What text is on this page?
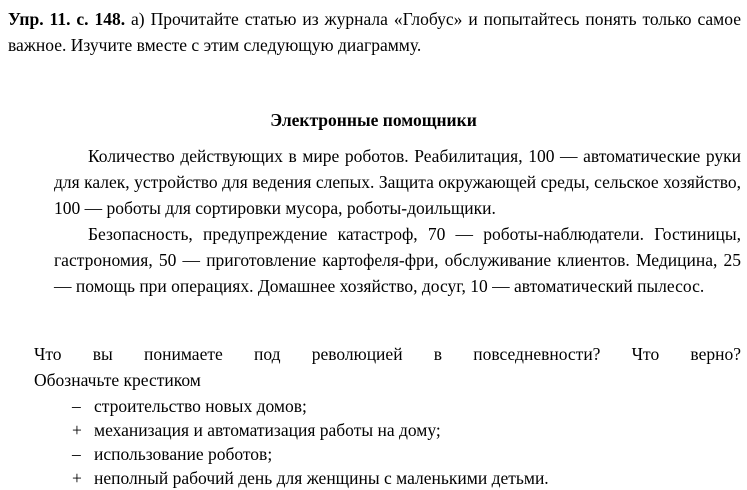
Упр. 11. с. 148. a) Прочитайте статью из журнала «Глобус» и попытайтесь понять только самое важное. Изучите вместе с этим следующую диаграмму.
Электронные помощники

Количество действующих в мире роботов. Реабилитация, 100 — автоматические руки для калек, устройство для ведения слепых. Защита окружающей среды, сельское хозяйство, 100 — роботы для сортировки мусора, роботы-доильщики.

Безопасность, предупреждение катастроф, 70 — роботы-наблюдатели. Гостиницы, гастрономия, 50 — приготовление картофеля-фри, обслуживание клиентов. Медицина, 25 — помощь при операциях. Домашнее хозяйство, досуг, 10 — автоматический пылесос.

Что вы понимаете под революцией в повседневности? Что верно?
Обозначьте крестиком
– строительство новых домов;
+ механизация и автоматизация работы на дому;
– использование роботов;
+ неполный рабочий день для женщины с маленькими детьми.
